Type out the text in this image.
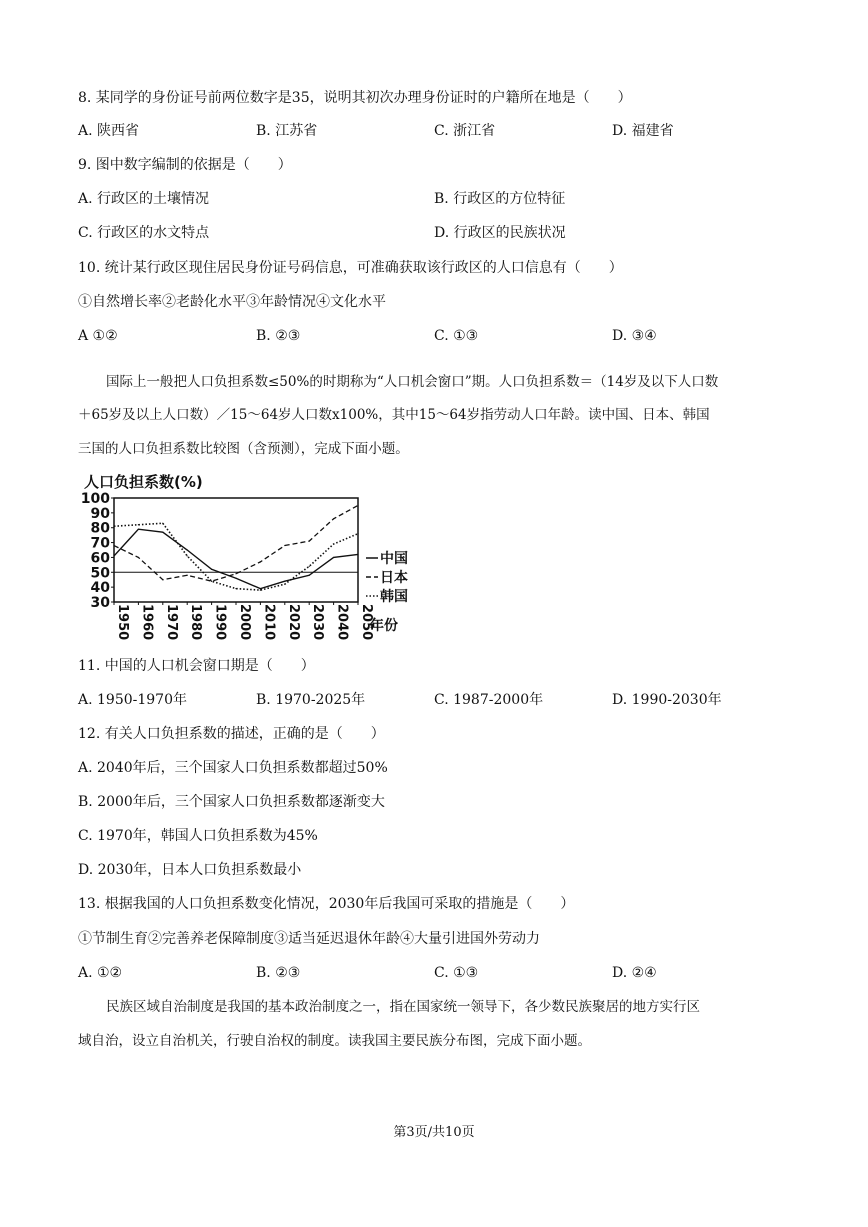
8. 某同学的身份证号前两位数字是35，说明其初次办理身份证时的户籍所在地是（　　）
A. 陕西省	B. 江苏省	C. 浙江省	D. 福建省
9. 图中数字编制的依据是（　　）
A. 行政区的土壤情况	B. 行政区的方位特征
C. 行政区的水文特点	D. 行政区的民族状况
10. 统计某行政区现住居民身份证号码信息，可准确获取该行政区的人口信息有（　　）
①自然增长率②老龄化水平③年龄情况④文化水平
A ①②	B. ②③	C. ①③	D. ③④
国际上一般把人口负担系数≤50%的时期称为“人口机会窗口”期。人口负担系数＝（14岁及以下人口数
＋65岁及以上人口数）／15～64岁人口数x100%，其中15～64岁指劳动人口年龄。读中国、日本、韩国
三国的人口负担系数比较图（含预测），完成下面小题。
人口负担系数(%)
30
40
50
60
70
80
90
100
1950 1960 1970 1980 1990 2000 2010 2020 2030 2040 2050
年份
中国
日本
韩国
11. 中国的人口机会窗口期是（　　）
A. 1950-1970年	B. 1970-2025年	C. 1987-2000年	D. 1990-2030年
12. 有关人口负担系数的描述，正确的是（　　）
A. 2040年后，三个国家人口负担系数都超过50%
B. 2000年后，三个国家人口负担系数都逐渐变大
C. 1970年，韩国人口负担系数为45%
D. 2030年，日本人口负担系数最小
13. 根据我国的人口负担系数变化情况，2030年后我国可采取的措施是（　　）
①节制生育②完善养老保障制度③适当延迟退休年龄④大量引进国外劳动力
A. ①②	B. ②③	C. ①③	D. ②④
民族区域自治制度是我国的基本政治制度之一，指在国家统一领导下，各少数民族聚居的地方实行区
域自治，设立自治机关，行驶自治权的制度。读我国主要民族分布图，完成下面小题。
第3页/共10页
